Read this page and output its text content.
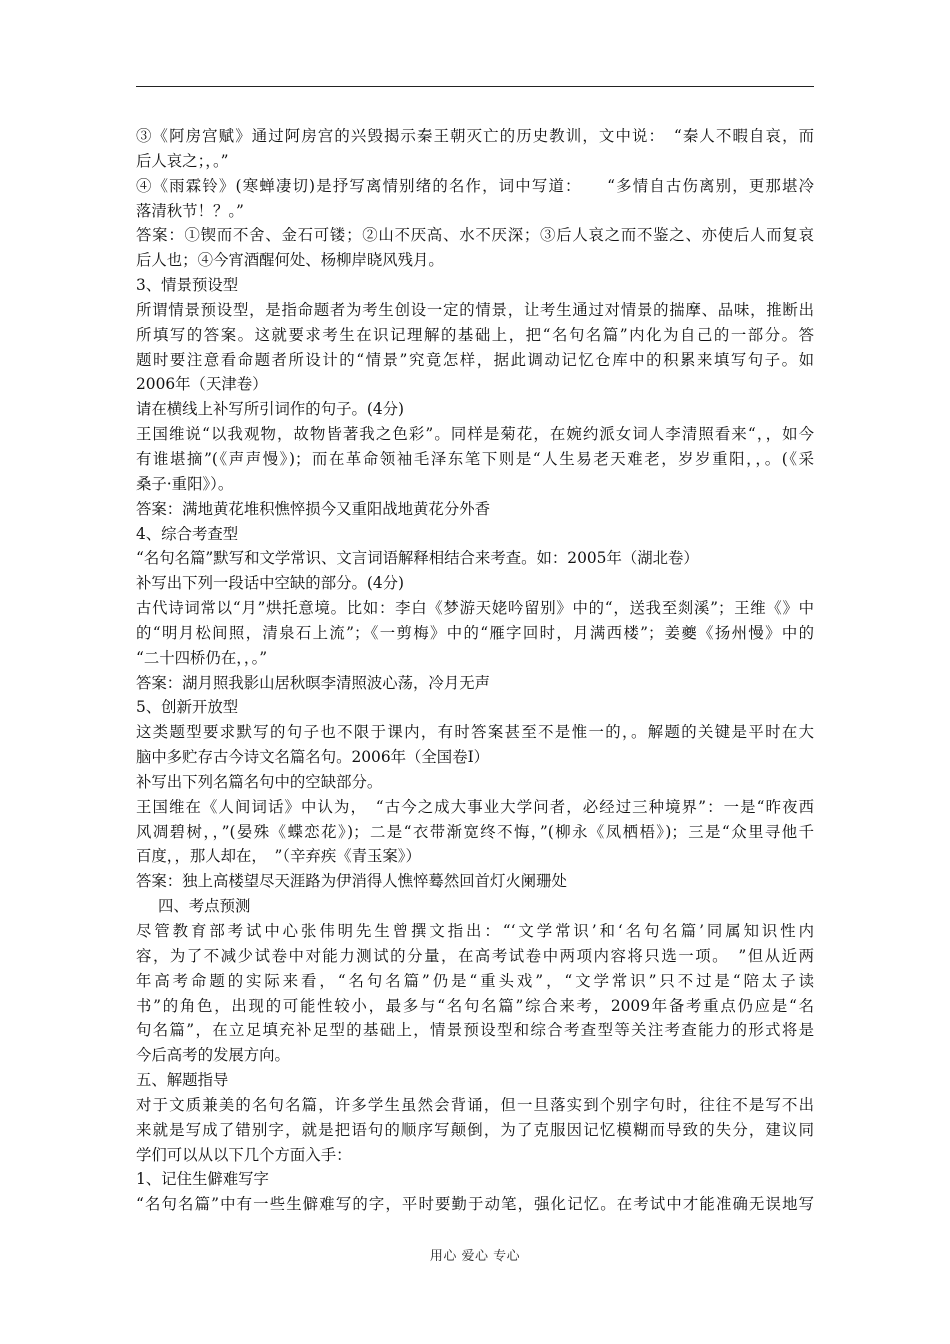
③《阿房宫赋》通过阿房宫的兴毁揭示秦王朝灭亡的历史教训，文中说：　“秦人不暇自哀，而
后人哀之；，。”
④《雨霖铃》(寒蝉凄切)是抒写离情别绪的名作，词中写道：　　“多情自古伤离别，更那堪冷
落清秋节！？。”
答案：①锲而不舍、金石可镂；②山不厌高、水不厌深；③后人哀之而不鉴之、亦使后人而复哀
后人也；④今宵酒醒何处、杨柳岸晓风残月。
3、情景预设型
所谓情景预设型，是指命题者为考生创设一定的情景，让考生通过对情景的揣摩、品味，推断出
所填写的答案。这就要求考生在识记理解的基础上，把“名句名篇”内化为自己的一部分。答
题时要注意看命题者所设计的“情景”究竟怎样，据此调动记忆仓库中的积累来填写句子。如
2006年（天津卷）
请在横线上补写所引词作的句子。(4分)
王国维说“以我观物，故物皆著我之色彩”。同样是菊花，在婉约派女词人李清照看来“，，如今
有谁堪摘”(《声声慢》)；而在革命领袖毛泽东笔下则是“人生易老天难老，岁岁重阳，，。(《采
桑子·重阳》）。
答案：满地黄花堆积憔悴损今又重阳战地黄花分外香
4、综合考查型
“名句名篇”默写和文学常识、文言词语解释相结合来考查。如：2005年（湖北卷）
补写出下列一段话中空缺的部分。(4分)
古代诗词常以“月”烘托意境。比如：李白《梦游天姥吟留别》中的“，送我至剡溪”；王维《》中
的“明月松间照，清泉石上流”；《一剪梅》中的“雁字回时，月满西楼”；姜夔《扬州慢》中的
“二十四桥仍在，，。”
答案：湖月照我影山居秋暝李清照波心荡，冷月无声
5、创新开放型
这类题型要求默写的句子也不限于课内，有时答案甚至不是惟一的，。解题的关键是平时在大
脑中多贮存古今诗文名篇名句。2006年（全国卷Ⅰ）
补写出下列名篇名句中的空缺部分。
王国维在《人间词话》中认为，　“古今之成大事业大学问者，必经过三种境界”：一是“昨夜西
风凋碧树，，”(晏殊《蝶恋花》)；二是“衣带渐宽终不悔，”(柳永《凤栖梧》)；三是“众里寻他千
百度，，那人却在，　”（辛弃疾《青玉案》）
答案：独上高楼望尽天涯路为伊消得人憔悴蓦然回首灯火阑珊处
四、考点预测
尽管教育部考试中心张伟明先生曾撰文指出：“‘文学常识’和‘名句名篇’同属知识性内
容，为了不减少试卷中对能力测试的分量，在高考试卷中两项内容将只选一项。　”但从近两
年高考命题的实际来看，“名句名篇”仍是“重头戏”，“文学常识”只不过是“陪太子读
书”的角色，出现的可能性较小，最多与“名句名篇”综合来考，2009年备考重点仍应是“名
句名篇”，在立足填充补足型的基础上，情景预设型和综合考查型等关注考查能力的形式将是
今后高考的发展方向。
五、解题指导
对于文质兼美的名句名篇，许多学生虽然会背诵，但一旦落实到个别字句时，往往不是写不出
来就是写成了错别字，就是把语句的顺序写颠倒，为了克服因记忆模糊而导致的失分，建议同
学们可以从以下几个方面入手：
1、记住生僻难写字
“名句名篇”中有一些生僻难写的字，平时要勤于动笔，强化记忆。在考试中才能准确无误地写
用心 爱心 专心
